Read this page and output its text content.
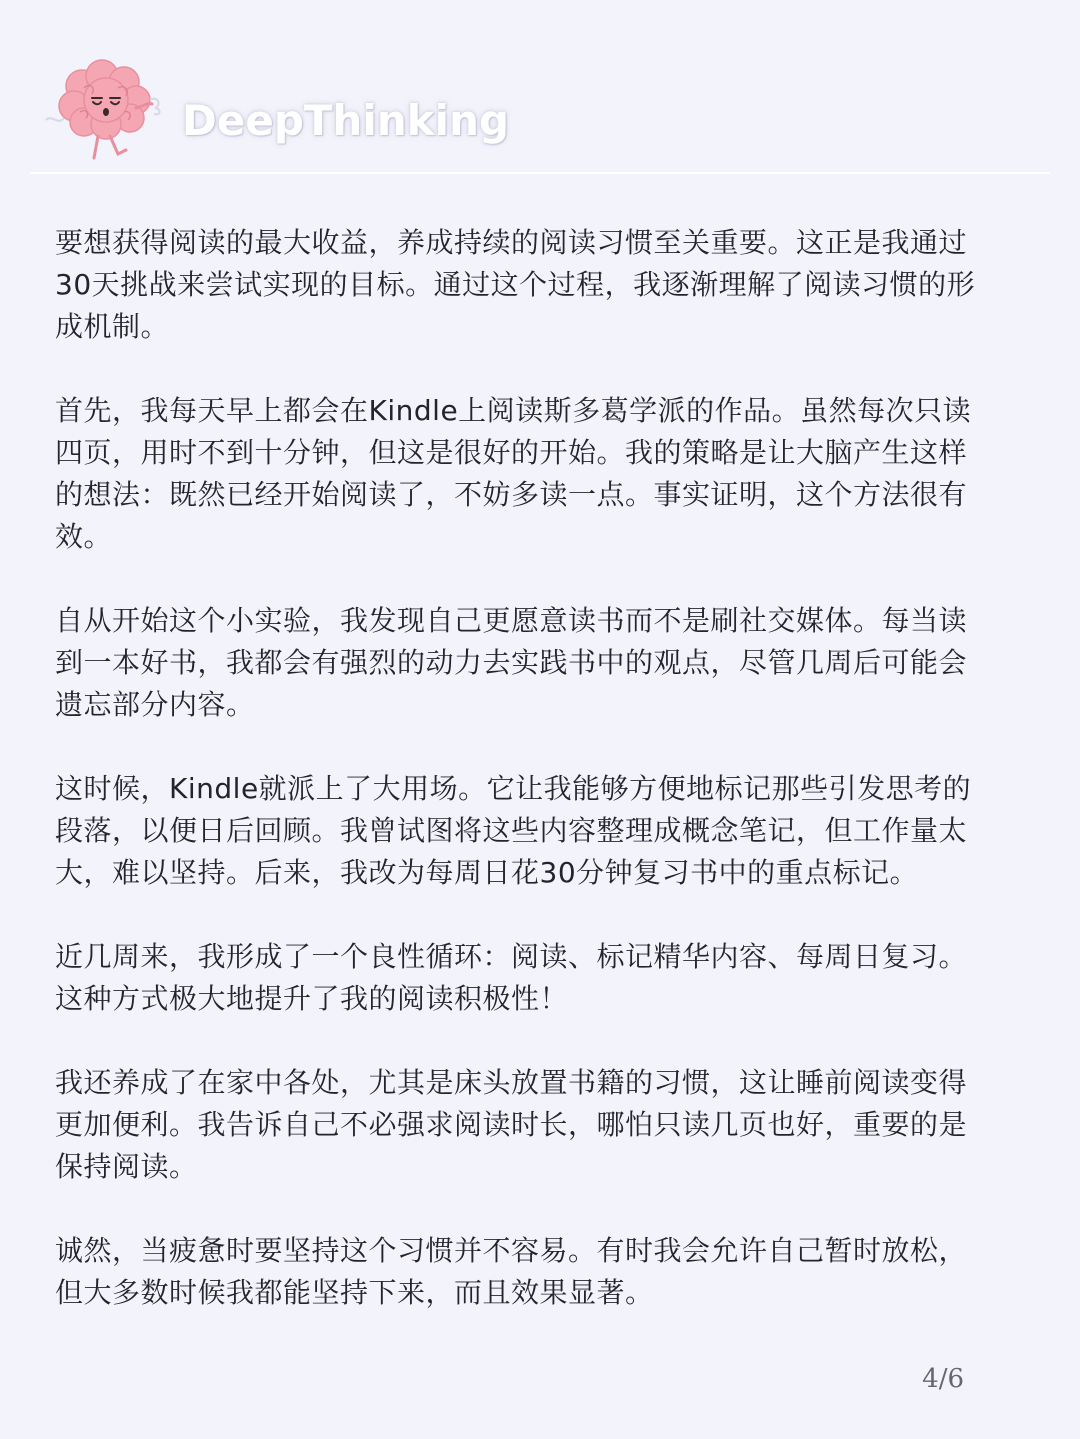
DeepThinking

要想获得阅读的最大收益，养成持续的阅读习惯至关重要。这正是我通过30天挑战来尝试实现的目标。通过这个过程，我逐渐理解了阅读习惯的形成机制。

首先，我每天早上都会在Kindle上阅读斯多葛学派的作品。虽然每次只读四页，用时不到十分钟，但这是很好的开始。我的策略是让大脑产生这样的想法：既然已经开始阅读了，不妨多读一点。事实证明，这个方法很有效。

自从开始这个小实验，我发现自己更愿意读书而不是刷社交媒体。每当读到一本好书，我都会有强烈的动力去实践书中的观点，尽管几周后可能会遗忘部分内容。

这时候，Kindle就派上了大用场。它让我能够方便地标记那些引发思考的段落，以便日后回顾。我曾试图将这些内容整理成概念笔记，但工作量太大，难以坚持。后来，我改为每周日花30分钟复习书中的重点标记。

近几周来，我形成了一个良性循环：阅读、标记精华内容、每周日复习。这种方式极大地提升了我的阅读积极性！

我还养成了在家中各处，尤其是床头放置书籍的习惯，这让睡前阅读变得更加便利。我告诉自己不必强求阅读时长，哪怕只读几页也好，重要的是保持阅读。

诚然，当疲惫时要坚持这个习惯并不容易。有时我会允许自己暂时放松，但大多数时候我都能坚持下来，而且效果显著。

4/6
